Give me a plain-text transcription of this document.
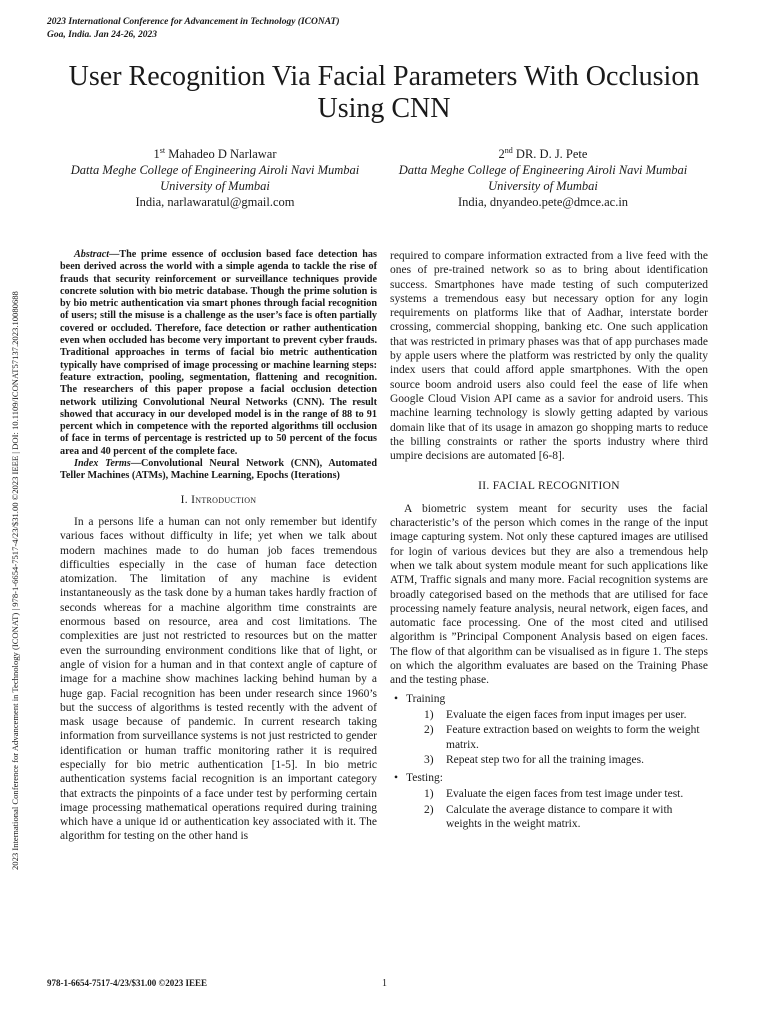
2023 International Conference for Advancement in Technology (ICONAT)
Goa, India. Jan 24-26, 2023
2023 International Conference for Advancement in Technology (ICONAT) | 978-1-6654-7517-4/23/$31.00 ©2023 IEEE | DOI: 10.1109/ICONAT57137.2023.10080688
User Recognition Via Facial Parameters With Occlusion Using CNN
1st Mahadeo D Narlawar
Datta Meghe College of Engineering Airoli Navi Mumbai
University of Mumbai
India, narlawaratul@gmail.com
2nd DR. D. J. Pete
Datta Meghe College of Engineering Airoli Navi Mumbai
University of Mumbai
India, dnyandeo.pete@dmce.ac.in

Abstract—The prime essence of occlusion based face detection has been derived across the world with a simple agenda to tackle the rise of frauds that security reinforcement or surveillance techniques provide concrete solution with bio metric database. Though the prime solution is by bio metric authentication via smart phones through facial recognition of users; still the misuse is a challenge as the user’s face is often partially covered or occluded. Therefore, face detection or rather authentication even when occluded has become very important to prevent cyber frauds. Traditional approaches in terms of facial bio metric authentication typically have comprised of image processing or machine learning steps: feature extraction, pooling, segmentation, flattening and recognition. The researchers of this paper propose a facial occlusion detection network utilizing Convolutional Neural Networks (CNN). The result showed that accuracy in our developed model is in the range of 88 to 91 percent which in competence with the reported algorithms till occlusion of face in terms of percentage is restricted up to 50 percent of the focus area and 40 percent of the complete face.

Index Terms—Convolutional Neural Network (CNN), Automated Teller Machines (ATMs), Machine Learning, Epochs (Iterations)

I. Introduction

In a persons life a human can not only remember but identify various faces without difficulty in life; yet when we talk about modern machines made to do human job faces tremendous difficulties especially in the case of human face detection atomization. The limitation of any machine is evident instantaneously as the task done by a human takes hardly fraction of seconds whereas for a machine algorithm time constraints are enormous based on resource, area and cost limitations. The complexities are just not restricted to resources but on the matter even the surrounding environment conditions like that of light, or angle of vision for a human and in that context angle of capture of image for a machine show machines lacking behind human by a huge gap. Facial recognition has been under research since 1960’s but the success of algorithms is tested recently with the advent of mask usage because of pandemic. In current research taking information from surveillance systems is not just restricted to gender identification or human traffic monitoring rather it is required especially for bio metric authentication [1-5]. In bio metric authentication systems facial recognition is an important category that extracts the pinpoints of a face under test by performing certain image processing mathematical operations required during training which have a unique id or authentication key associated with it. The algorithm for testing on the other hand is

required to compare information extracted from a live feed with the ones of pre-trained network so as to bring about identification success. Smartphones have made testing of such computerized systems a tremendous easy but necessary option for any login requirements on platforms like that of Aadhar, interstate border crossing, commercial shopping, banking etc. One such application that was restricted in primary phases was that of app purchases made by apple users where the platform was restricted by only the quality index users that could afford apple smartphones. With the open source boom android users also could feel the ease of life when Google Cloud Vision API came as a savior for android users. This machine learning technology is slowly getting adapted by various domain like that of its usage in amazon go shopping marts to reduce the billing constraints or rather the sports industry where third umpire decisions are automated [6-8].

II. FACIAL RECOGNITION

A biometric system meant for security uses the facial characteristic’s of the person which comes in the range of the input image capturing system. Not only these captured images are utilised for login of various devices but they are also a tremendous help when we talk about system module meant for such applications like ATM, Traffic signals and many more. Facial recognition systems are broadly categorised based on the methods that are utilised for face processing namely feature analysis, neural network, eigen faces, and automatic face processing. One of the most cited and utilised algorithm is ”Principal Component Analysis based on eigen faces. The flow of that algorithm can be visualised as in figure 1. The steps on which the algorithm evaluates are based on the Training Phase and the testing phase.

• Training
1) Evaluate the eigen faces from input images per user.
2) Feature extraction based on weights to form the weight matrix.
3) Repeat step two for all the training images.
• Testing:
1) Evaluate the eigen faces from test image under test.
2) Calculate the average distance to compare it with weights in the weight matrix.
978-1-6654-7517-4/23/$31.00 ©2023 IEEE	1
